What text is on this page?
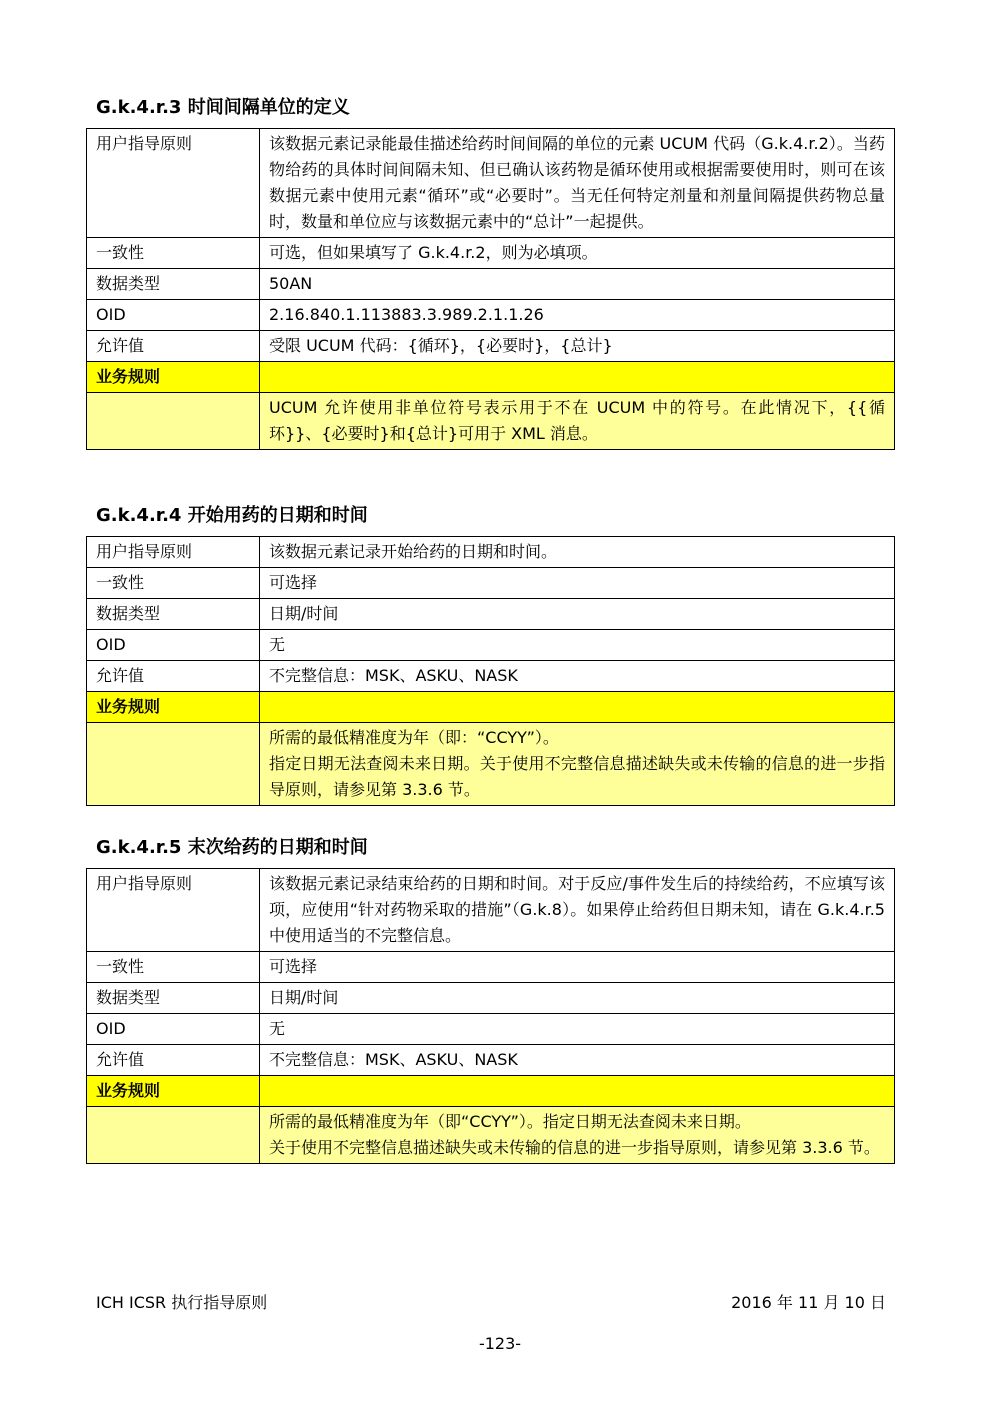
G.k.4.r.3 时间间隔单位的定义
用户指导原则	该数据元素记录能最佳描述给药时间间隔的单位的元素 UCUM 代码（G.k.4.r.2）。当药物给药的具体时间间隔未知、但已确认该药物是循环使用或根据需要使用时，则可在该数据元素中使用元素“循环”或“必要时”。当无任何特定剂量和剂量间隔提供药物总量时，数量和单位应与该数据元素中的“总计”一起提供。
一致性	可选，但如果填写了 G.k.4.r.2，则为必填项。
数据类型	50AN
OID	2.16.840.1.113883.3.989.2.1.1.26
允许值	受限 UCUM 代码：{循环}，{必要时}，{总计}
业务规则	

	UCUM 允许使用非单位符号表示用于不在 UCUM 中的符号。在此情况下，{{循环}}、{必要时}和{总计}可用于 XML 消息。
G.k.4.r.4 开始用药的日期和时间
用户指导原则	该数据元素记录开始给药的日期和时间。
一致性	可选择
数据类型	日期/时间
OID	无
允许值	不完整信息：MSK、ASKU、NASK
业务规则	

	所需的最低精准度为年（即：“CCYY”）。
指定日期无法查阅未来日期。关于使用不完整信息描述缺失或未传输的信息的进一步指导原则，请参见第 3.3.6 节。
G.k.4.r.5 末次给药的日期和时间
用户指导原则	该数据元素记录结束给药的日期和时间。对于反应/事件发生后的持续给药，不应填写该项，应使用“针对药物采取的措施”（G.k.8）。如果停止给药但日期未知，请在 G.k.4.r.5 中使用适当的不完整信息。
一致性	可选择
数据类型	日期/时间
OID	无
允许值	不完整信息：MSK、ASKU、NASK
业务规则	

	所需的最低精准度为年（即“CCYY”）。指定日期无法查阅未来日期。
关于使用不完整信息描述缺失或未传输的信息的进一步指导原则，请参见第 3.3.6 节。
ICH ICSR 执行指导原则	2016 年 11 月 10 日
-123-
